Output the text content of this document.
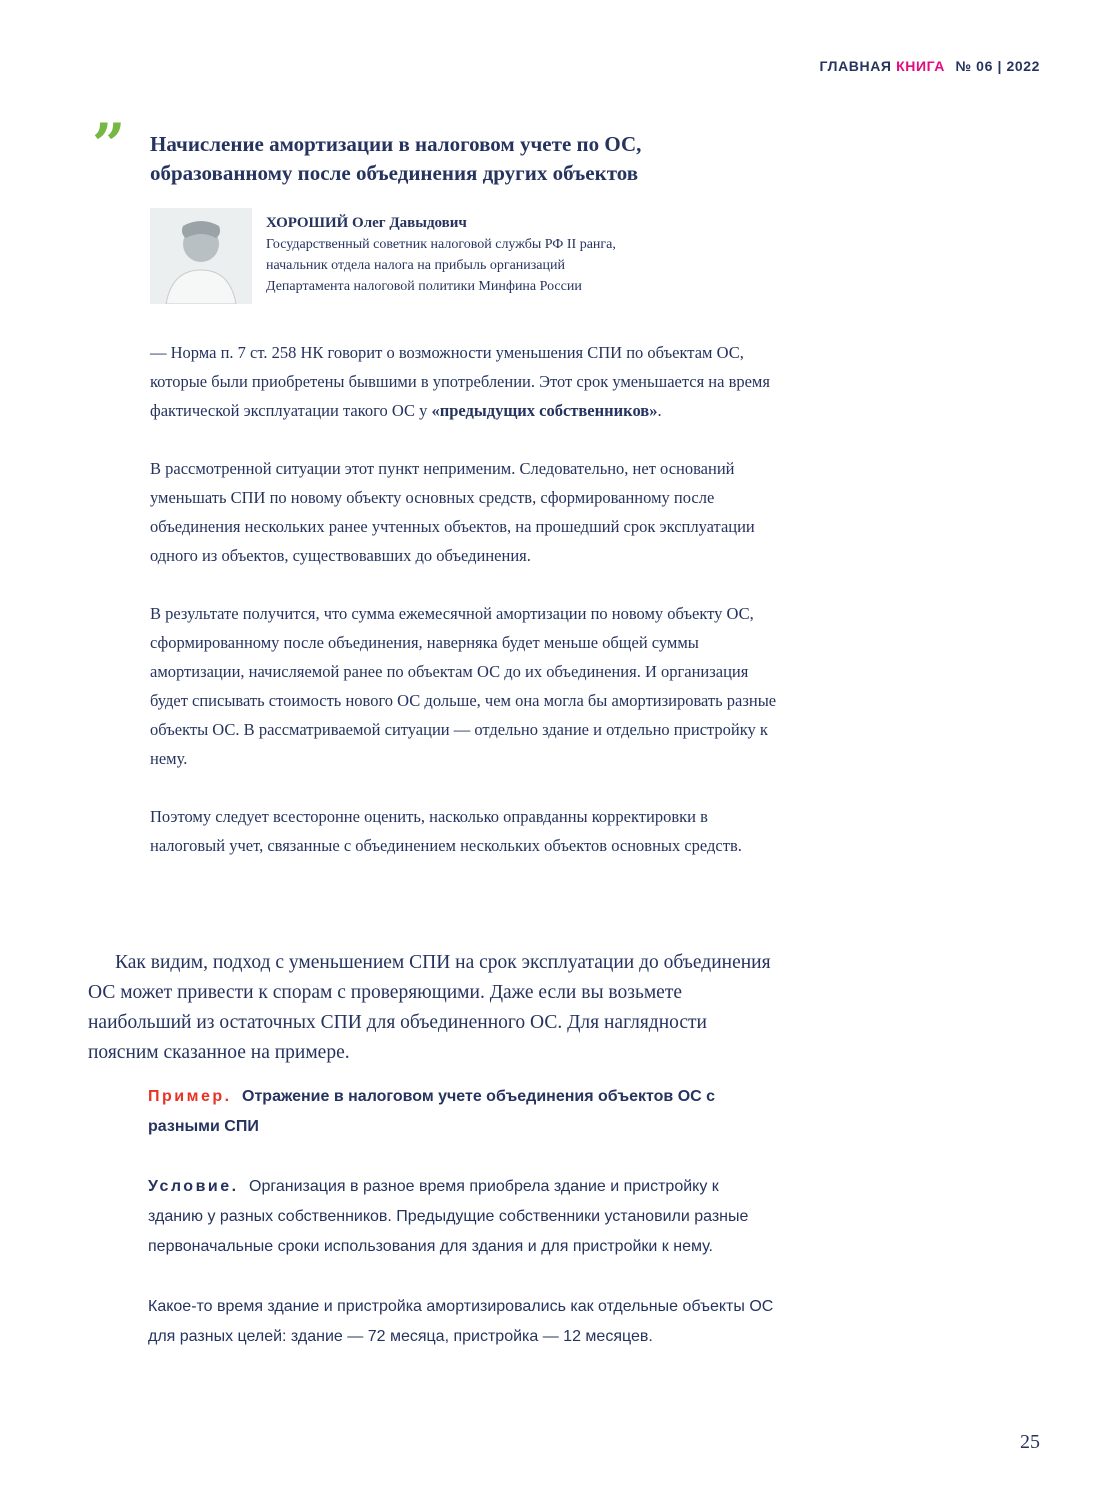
ГЛАВНАЯ КНИГА № 06 | 2022
” Начисление амортизации в налоговом учете по ОС, образованному после объединения других объектов
ХОРОШИЙ Олег Давыдович
Государственный советник налоговой службы РФ II ранга,
начальник отдела налога на прибыль организаций
Департамента налоговой политики Минфина России

— Норма п. 7 ст. 258 НК говорит о возможности уменьшения СПИ по объектам ОС, которые были приобретены бывшими в употреблении. Этот срок уменьшается на время фактической эксплуатации такого ОС у «предыдущих собственников».

В рассмотренной ситуации этот пункт неприменим. Следовательно, нет оснований уменьшать СПИ по новому объекту основных средств, сформированному после объединения нескольких ранее учтенных объектов, на прошедший срок эксплуатации одного из объектов, существовавших до объединения.

В результате получится, что сумма ежемесячной амортизации по новому объекту ОС, сформированному после объединения, наверняка будет меньше общей суммы амортизации, начисляемой ранее по объектам ОС до их объединения. И организация будет списывать стоимость нового ОС дольше, чем она могла бы амортизировать разные объекты ОС. В рассматриваемой ситуации — отдельно здание и отдельно пристройку к нему.

Поэтому следует всесторонне оценить, насколько оправданны корректировки в налоговый учет, связанные с объединением нескольких объектов основных средств.

Как видим, подход с уменьшением СПИ на срок эксплуатации до объединения ОС может привести к спорам с проверяющими. Даже если вы возьмете наибольший из остаточных СПИ для объединенного ОС. Для наглядности поясним сказанное на примере.

Пример. Отражение в налоговом учете объединения объектов ОС с разными СПИ

Условие. Организация в разное время приобрела здание и пристройку к зданию у разных собственников. Предыдущие собственники установили разные первоначальные сроки использования для здания и для пристройки к нему.

Какое-то время здание и пристройка амортизировались как отдельные объекты ОС для разных целей: здание — 72 месяца, пристройка — 12 месяцев.

25
